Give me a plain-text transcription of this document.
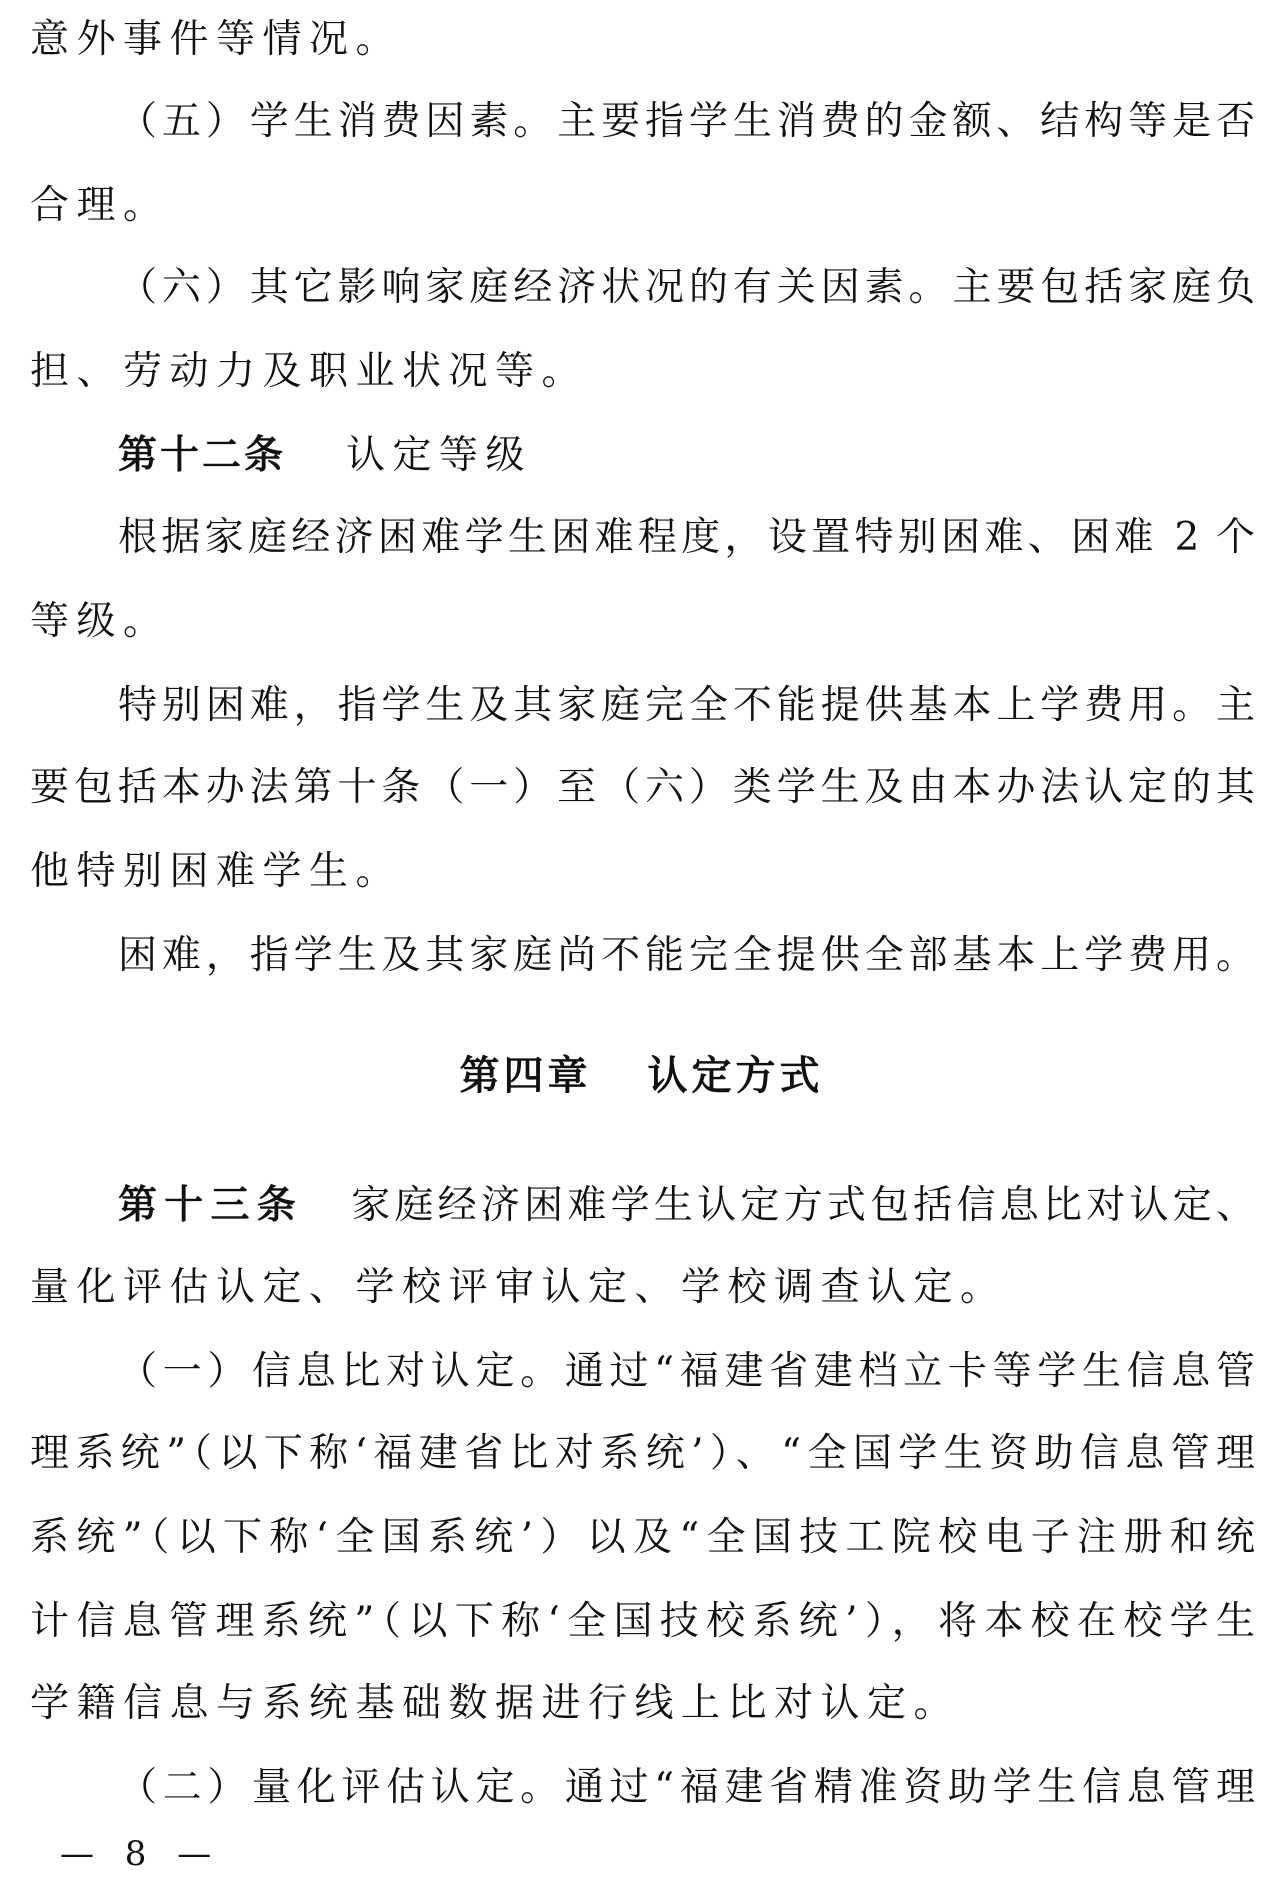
意外事件等情况。
（五）学生消费因素。主要指学生消费的金额、结构等是否
合理。
（六）其它影响家庭经济状况的有关因素。主要包括家庭负
担、劳动力及职业状况等。
第十二条 认定等级
根据家庭经济困难学生困难程度，设置特别困难、困难 2 个
等级。
特别困难，指学生及其家庭完全不能提供基本上学费用。主
要包括本办法第十条（一）至（六）类学生及由本办法认定的其
他特别困难学生。
困难，指学生及其家庭尚不能完全提供全部基本上学费用。
第四章 认定方式
第十三条 家庭经济困难学生认定方式包括信息比对认定、
量化评估认定、学校评审认定、学校调查认定。
（一）信息比对认定。通过“福建省建档立卡等学生信息管
理系统”（以下称‘福建省比对系统’）、“全国学生资助信息管理
系统”（以下称‘全国系统’）以及“全国技工院校电子注册和统
计信息管理系统”（以下称‘全国技校系统’），将本校在校学生
学籍信息与系统基础数据进行线上比对认定。
（二）量化评估认定。通过“福建省精准资助学生信息管理
— 8 —
